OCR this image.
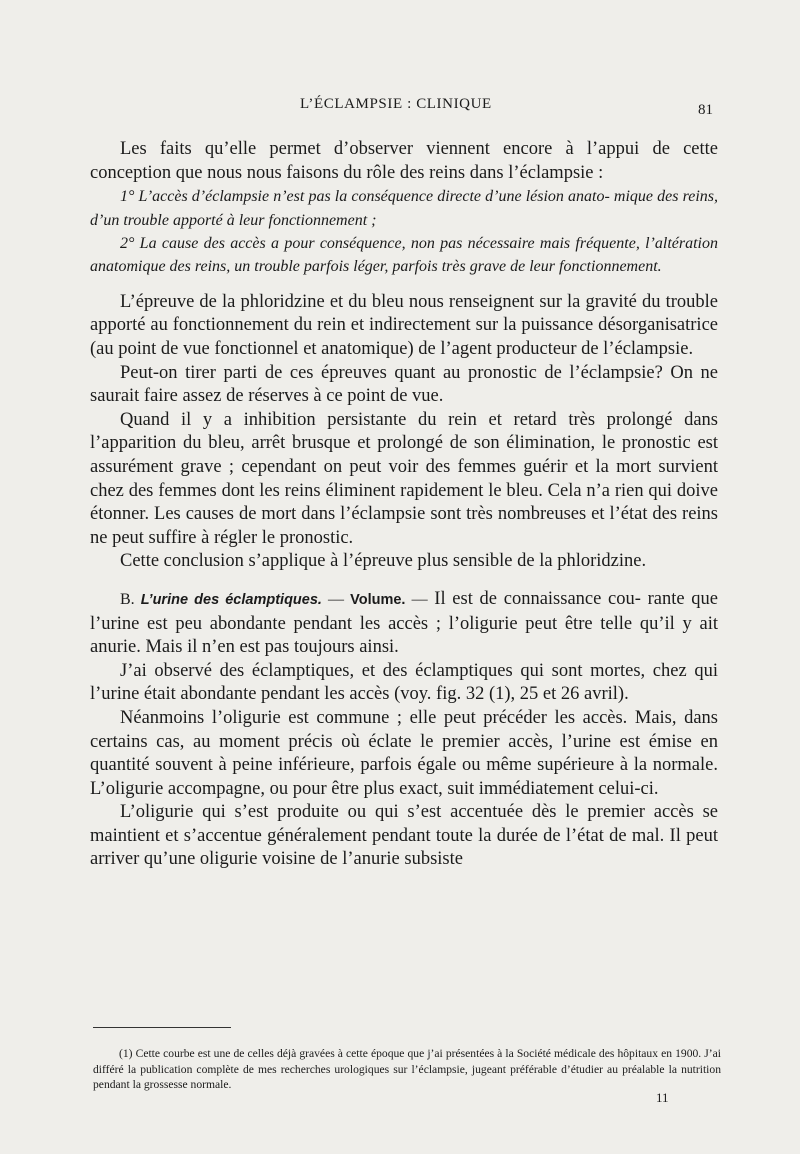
L’ÉCLAMPSIE : CLINIQUE	81

Les faits qu’elle permet d’observer viennent encore à l’appui de cette conception que nous nous faisons du rôle des reins dans l’éclampsie :

1° L’accès d’éclampsie n’est pas la conséquence directe d’une lésion anato- mique des reins, d’un trouble apporté à leur fonctionnement ;

2° La cause des accès a pour conséquence, non pas nécessaire mais fréquente, l’altération anatomique des reins, un trouble parfois léger, parfois très grave de leur fonctionnement.

L’épreuve de la phloridzine et du bleu nous renseignent sur la gravité du trouble apporté au fonctionnement du rein et indirectement sur la puissance désorganisatrice (au point de vue fonctionnel et anatomique) de l’agent producteur de l’éclampsie.

Peut-on tirer parti de ces épreuves quant au pronostic de l’éclampsie? On ne saurait faire assez de réserves à ce point de vue.

Quand il y a inhibition persistante du rein et retard très prolongé dans l’apparition du bleu, arrêt brusque et prolongé de son élimination, le pronostic est assurément grave ; cependant on peut voir des femmes guérir et la mort survient chez des femmes dont les reins éliminent rapidement le bleu. Cela n’a rien qui doive étonner. Les causes de mort dans l’éclampsie sont très nombreuses et l’état des reins ne peut suffire à régler le pronostic.

Cette conclusion s’applique à l’épreuve plus sensible de la phloridzine.

B. L’urine des éclamptiques. — Volume. — Il est de connaissance cou- rante que l’urine est peu abondante pendant les accès ; l’oligurie peut être telle qu’il y ait anurie. Mais il n’en est pas toujours ainsi.

J’ai observé des éclamptiques, et des éclamptiques qui sont mortes, chez qui l’urine était abondante pendant les accès (voy. fig. 32 (1), 25 et 26 avril).

Néanmoins l’oligurie est commune ; elle peut précéder les accès. Mais, dans certains cas, au moment précis où éclate le premier accès, l’urine est émise en quantité souvent à peine inférieure, parfois égale ou même supérieure à la normale. L’oligurie accompagne, ou pour être plus exact, suit immédiatement celui-ci.

L’oligurie qui s’est produite ou qui s’est accentuée dès le premier accès se maintient et s’accentue généralement pendant toute la durée de l’état de mal. Il peut arriver qu’une oligurie voisine de l’anurie subsiste

(1) Cette courbe est une de celles déjà gravées à cette époque que j’ai présentées à la Société médicale des hôpitaux en 1900. J’ai différé la publication complète de mes recherches urologiques sur l’éclampsie, jugeant préférable d’étudier au préalable la nutrition pendant la grossesse normale.

11
